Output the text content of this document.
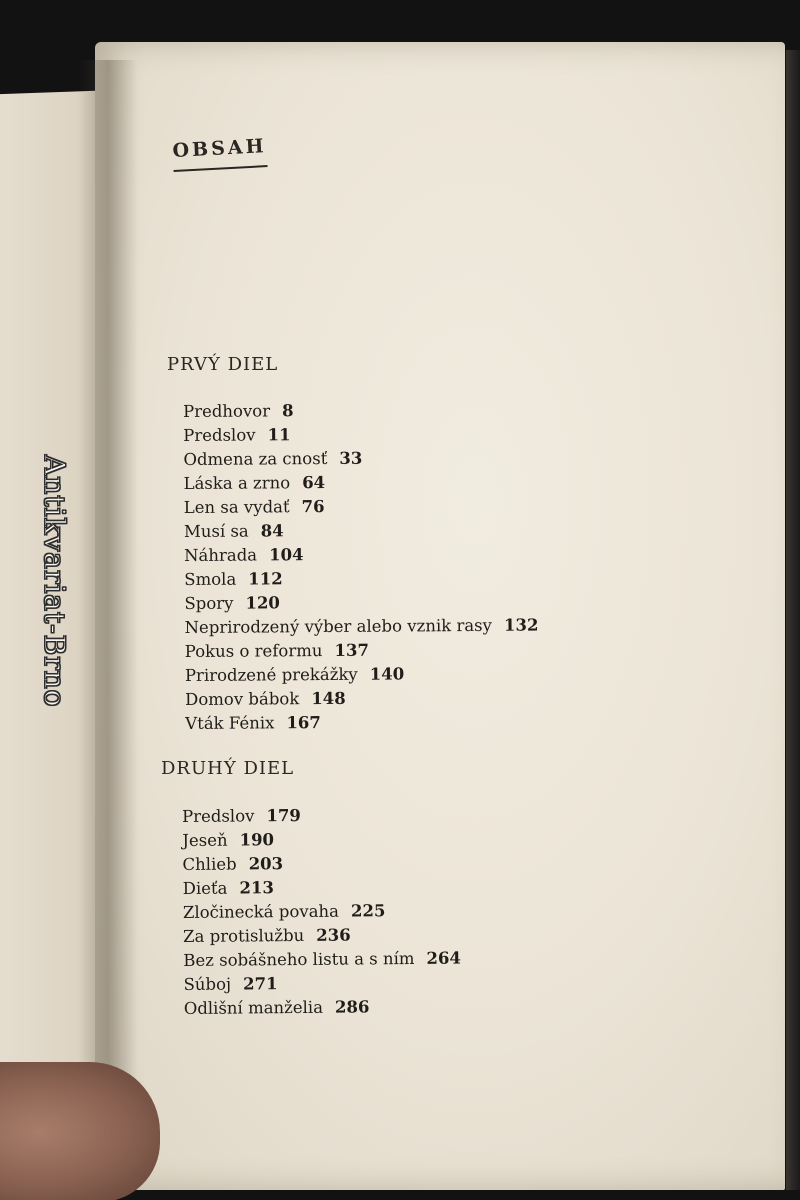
OBSAH
PRVÝ DIEL
Predhovor 8
Predslov 11
Odmena za cnosť 33
Láska a zrno 64
Len sa vydať 76
Musí sa 84
Náhrada 104
Smola 112
Spory 120
Neprirodzený výber alebo vznik rasy 132
Pokus o reformu 137
Prirodzené prekážky 140
Domov bábok 148
Vták Fénix 167
DRUHÝ DIEL
Predslov 179
Jeseň 190
Chlieb 203
Dieťa 213
Zločinecká povaha 225
Za protislužbu 236
Bez sobášneho listu a s ním 264
Súboj 271
Odlišní manželia 286
Antikvariat-Brno
